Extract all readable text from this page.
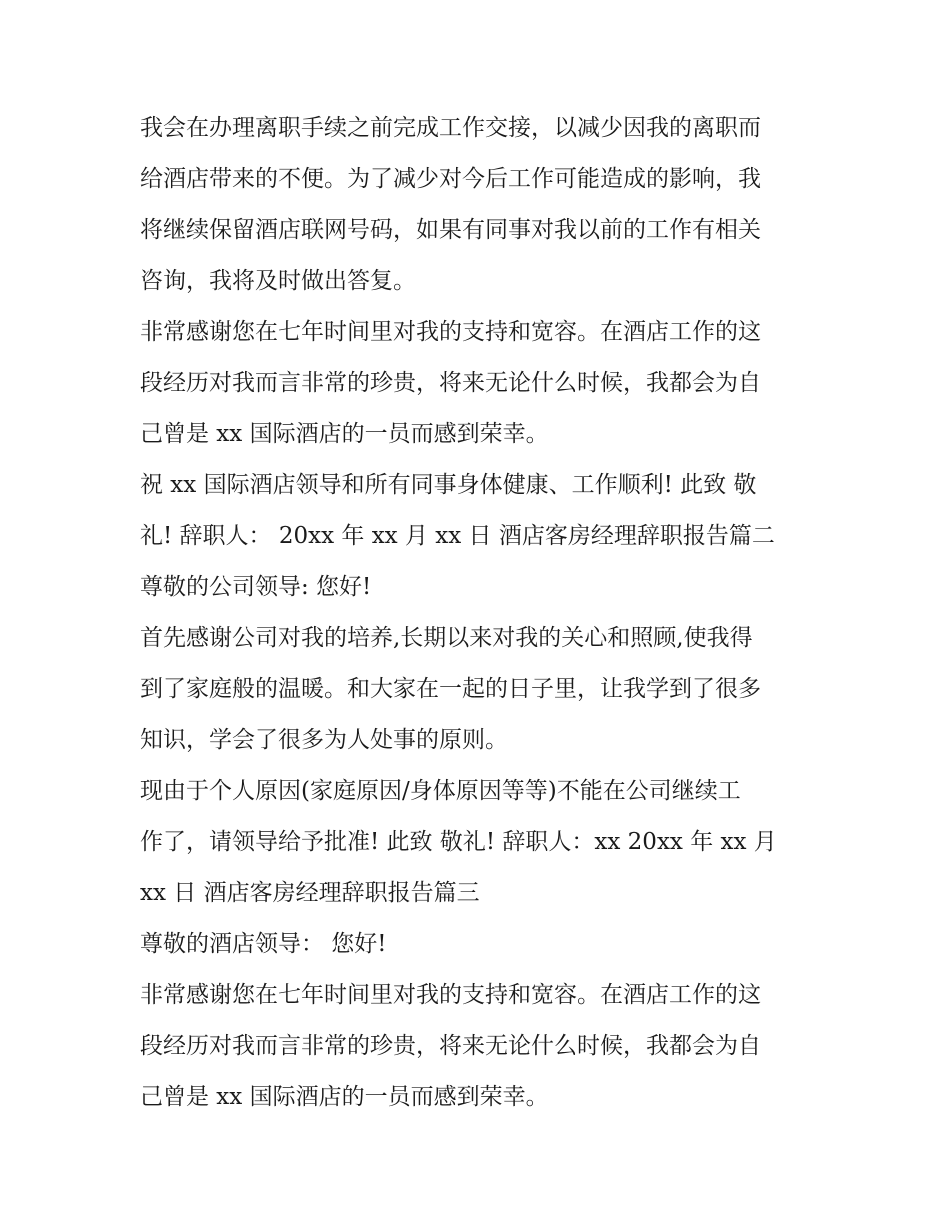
我会在办理离职手续之前完成工作交接，以减少因我的离职而
给酒店带来的不便。为了减少对今后工作可能造成的影响，我
将继续保留酒店联网号码，如果有同事对我以前的工作有相关
咨询，我将及时做出答复。
非常感谢您在七年时间里对我的支持和宽容。在酒店工作的这
段经历对我而言非常的珍贵，将来无论什么时候，我都会为自
己曾是 xx 国际酒店的一员而感到荣幸。
祝 xx 国际酒店领导和所有同事身体健康、工作顺利! 此致 敬
礼! 辞职人： 20xx 年 xx 月 xx 日 酒店客房经理辞职报告篇二
尊敬的公司领导: 您好!
首先感谢公司对我的培养,长期以来对我的关心和照顾,使我得
到了家庭般的温暖。和大家在一起的日子里，让我学到了很多
知识，学会了很多为人处事的原则。
现由于个人原因(家庭原因/身体原因等等)不能在公司继续工
作了，请领导给予批准! 此致 敬礼! 辞职人：xx 20xx 年 xx 月
xx 日 酒店客房经理辞职报告篇三
尊敬的酒店领导： 您好!
非常感谢您在七年时间里对我的支持和宽容。在酒店工作的这
段经历对我而言非常的珍贵，将来无论什么时候，我都会为自
己曾是 xx 国际酒店的一员而感到荣幸。
